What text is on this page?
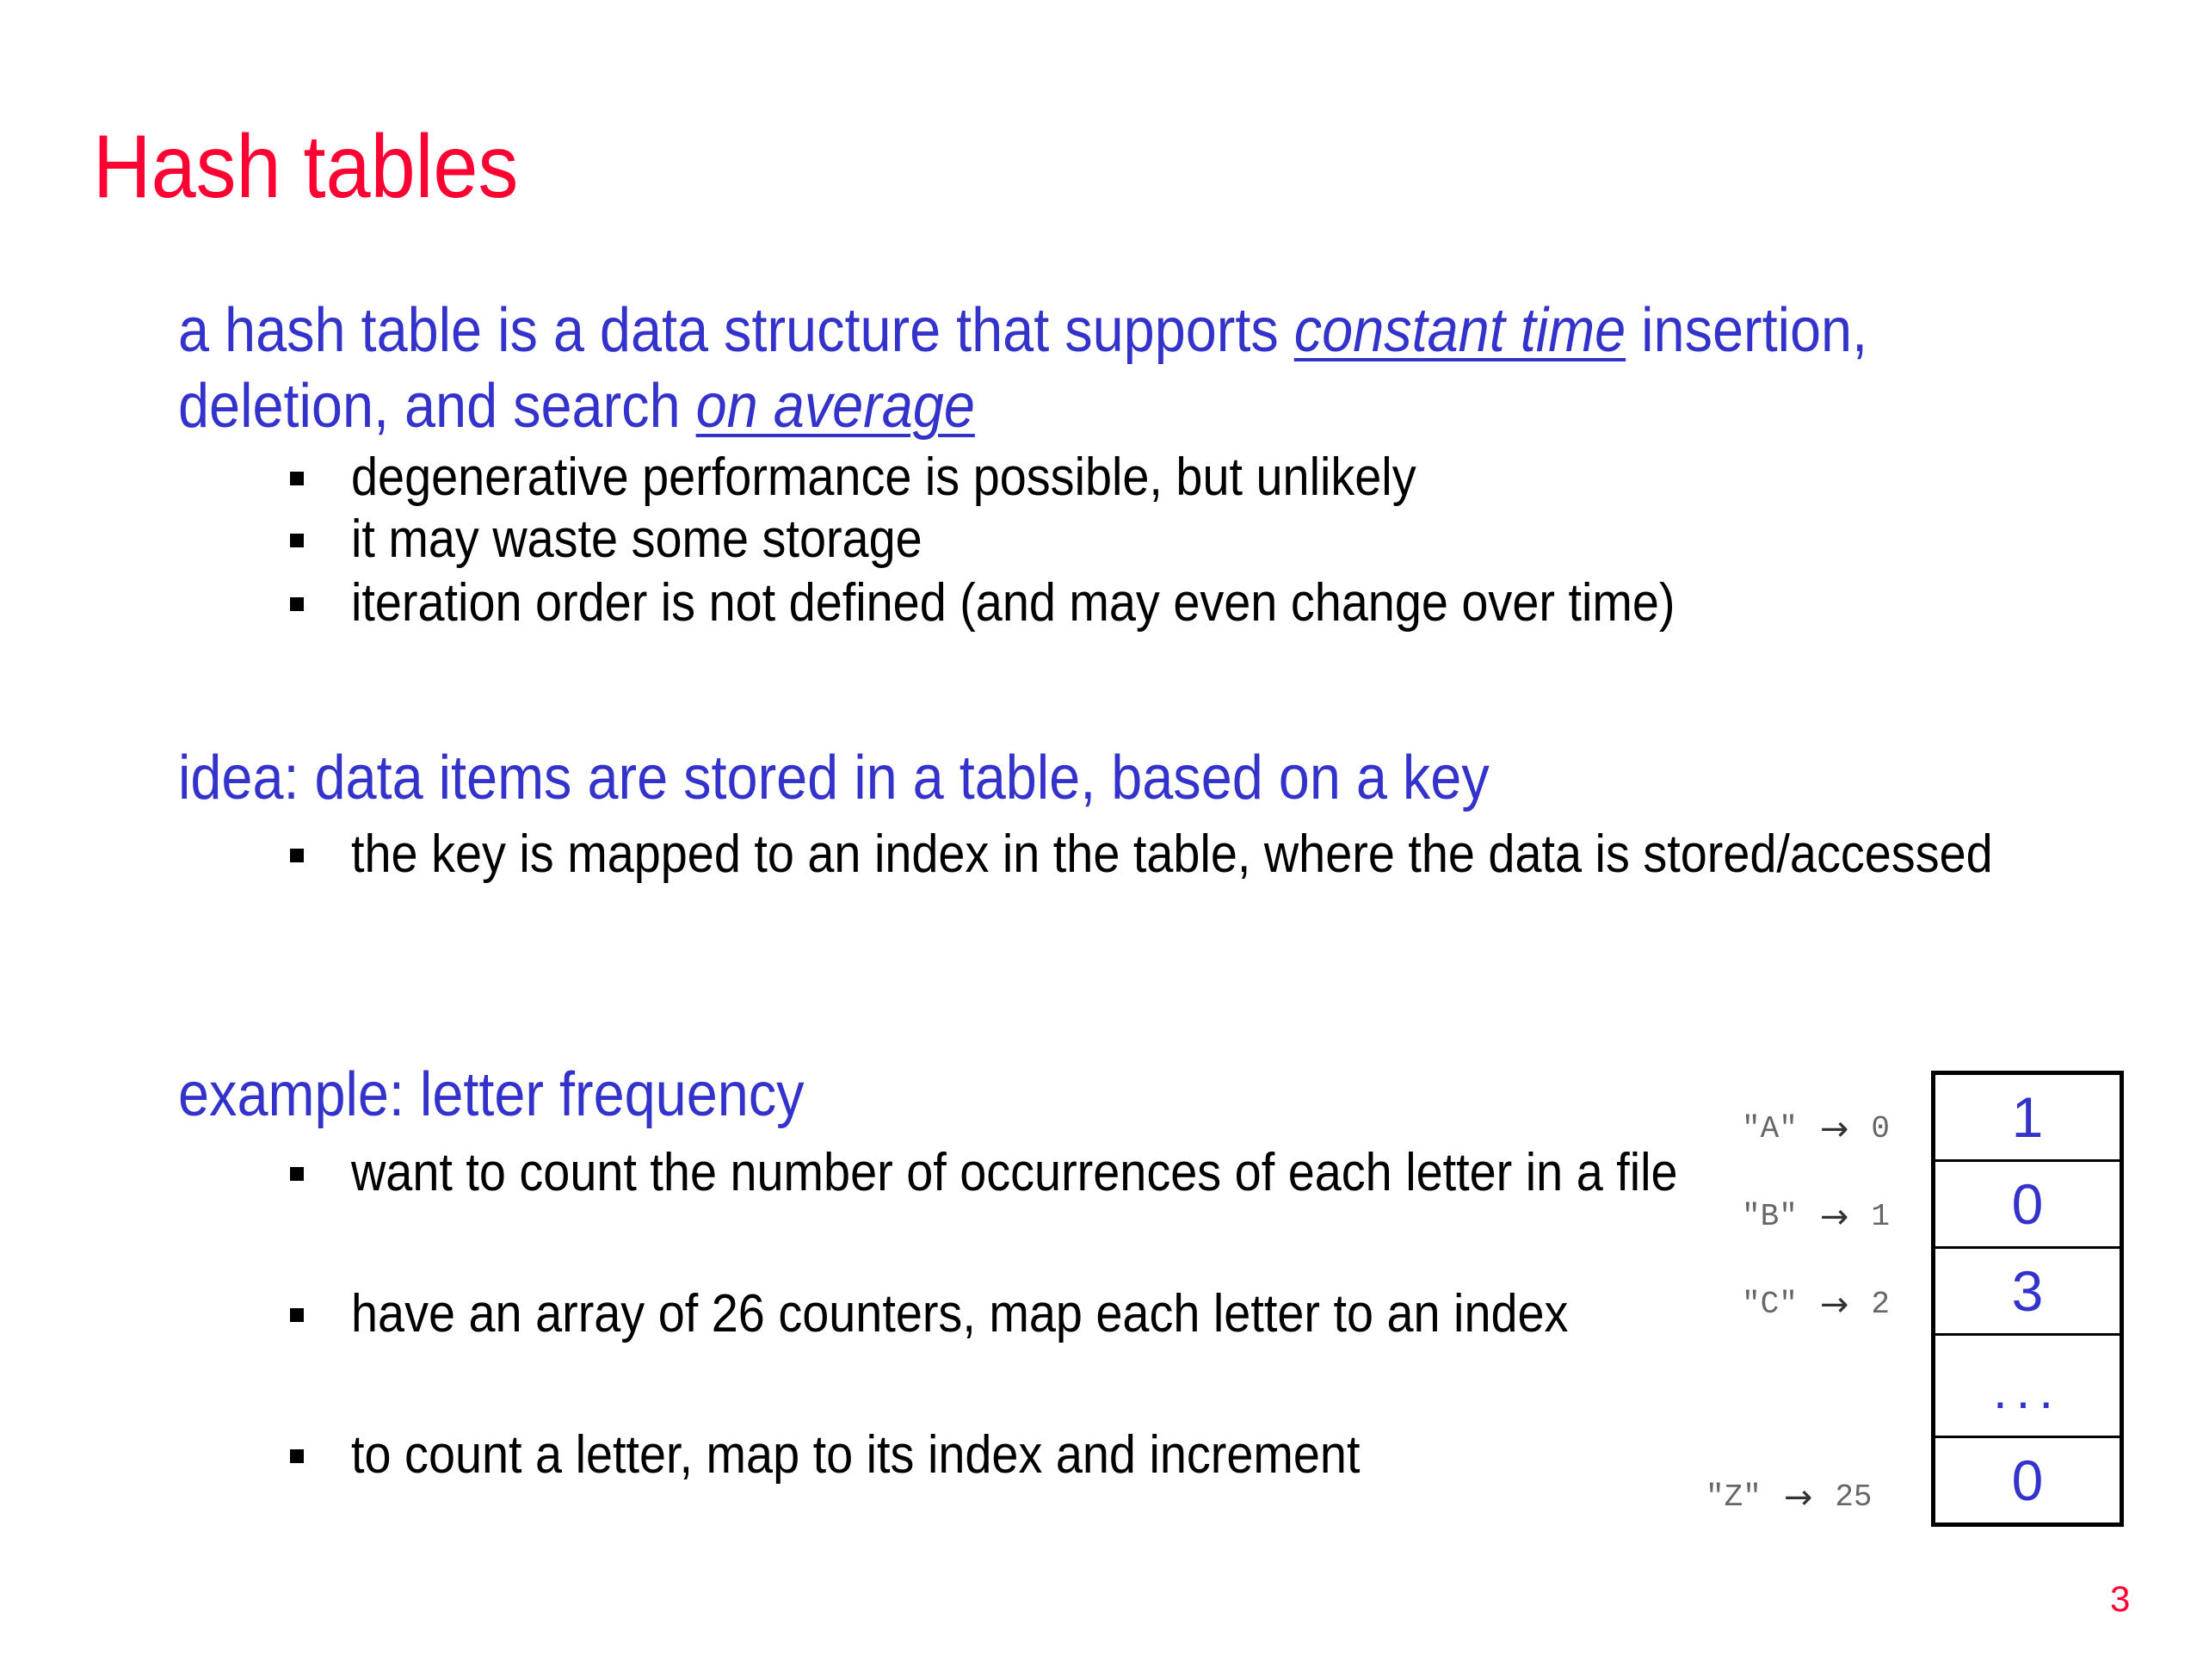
Hash tables
a hash table is a data structure that supports constant time insertion,
deletion, and search on average
degenerative performance is possible, but unlikely
it may waste some storage
iteration order is not defined (and may even change over time)
idea: data items are stored in a table, based on a key
the key is mapped to an index in the table, where the data is stored/accessed
example: letter frequency
want to count the number of occurrences of each letter in a file
have an array of 26 counters, map each letter to an index
to count a letter, map to its index and increment
"A" → 0
"B" → 1
"C" → 2
"Z" → 25
1
0
3
...
0
3
